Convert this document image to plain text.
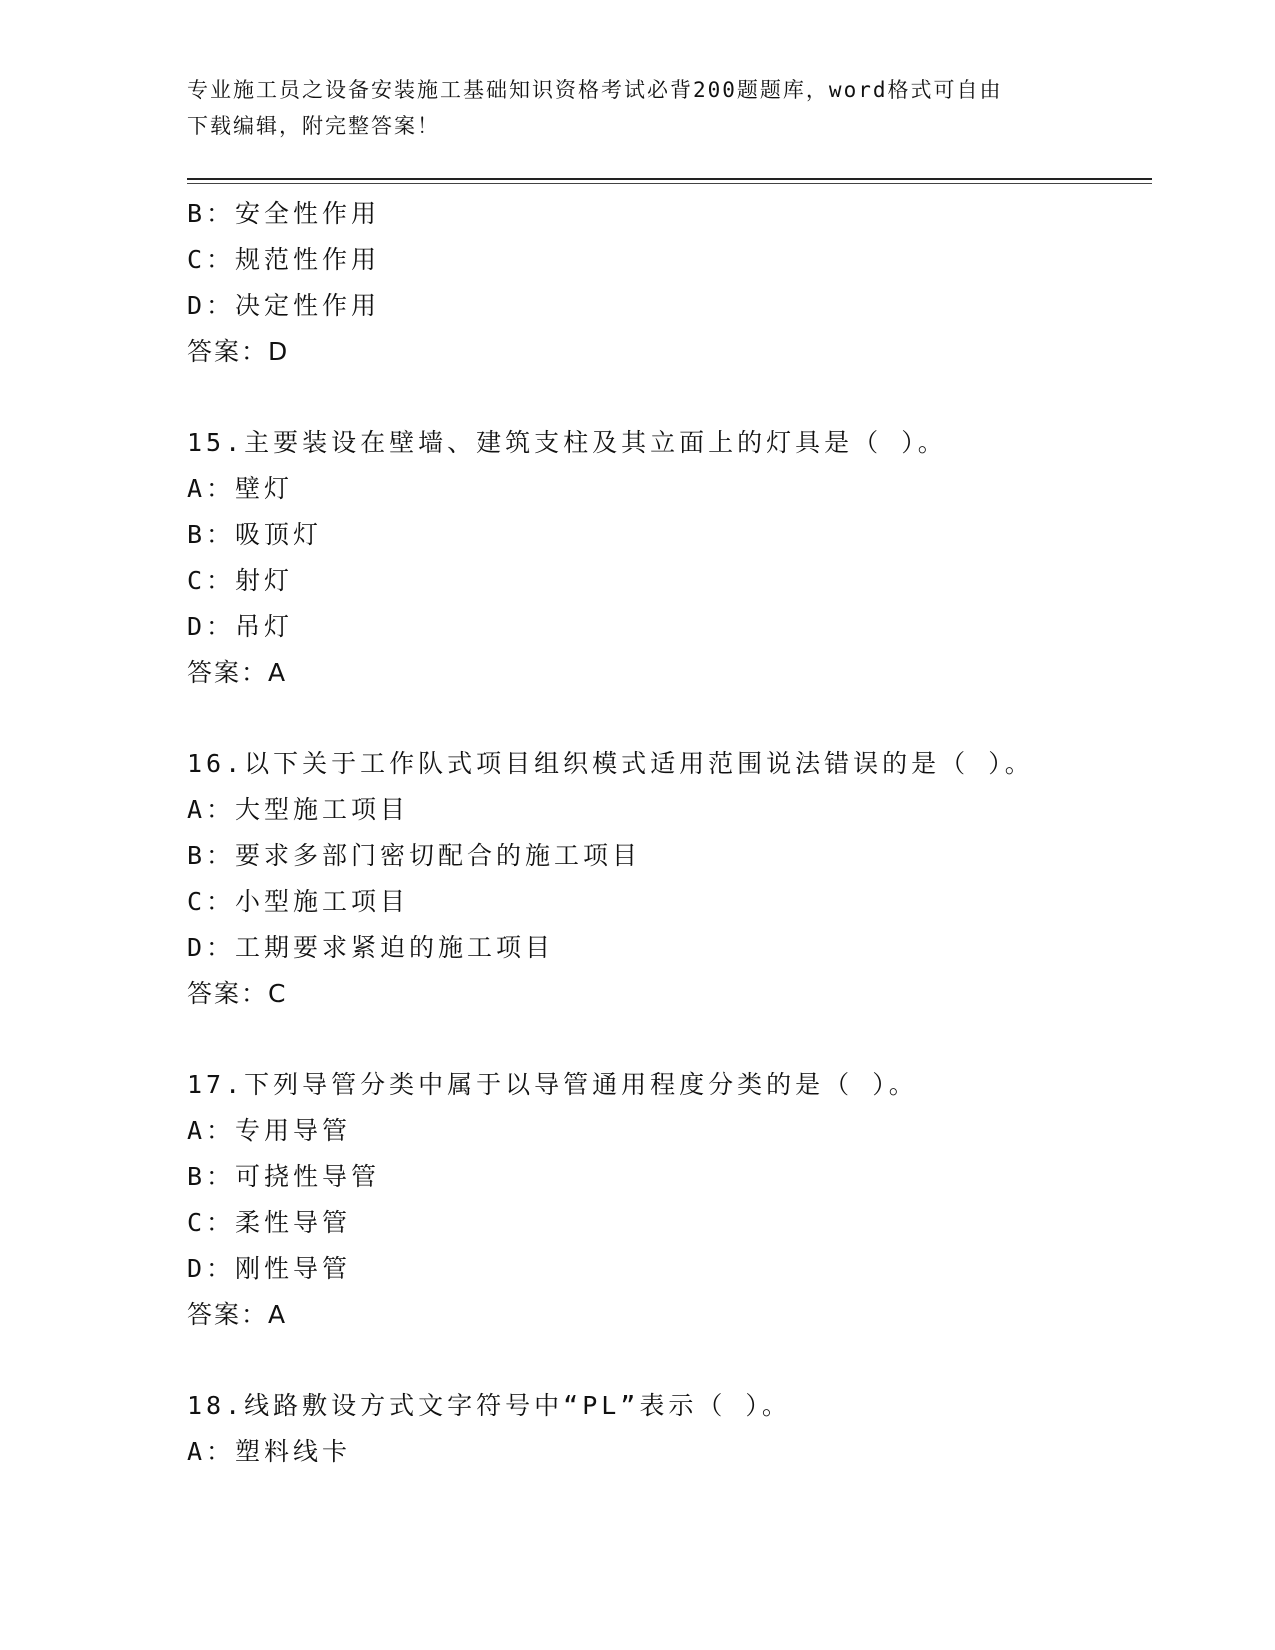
专业施工员之设备安装施工基础知识资格考试必背200题题库，word格式可自由
下载编辑，附完整答案！
B：安全性作用
C：规范性作用
D：决定性作用
答案：D
15.主要装设在壁墙、建筑支柱及其立面上的灯具是（ ）。
A：壁灯
B：吸顶灯
C：射灯
D：吊灯
答案：A
16.以下关于工作队式项目组织模式适用范围说法错误的是（ ）。
A：大型施工项目
B：要求多部门密切配合的施工项目
C：小型施工项目
D：工期要求紧迫的施工项目
答案：C
17.下列导管分类中属于以导管通用程度分类的是（ ）。
A：专用导管
B：可挠性导管
C：柔性导管
D：刚性导管
答案：A
18.线路敷设方式文字符号中“PL”表示（ ）。
A：塑料线卡
